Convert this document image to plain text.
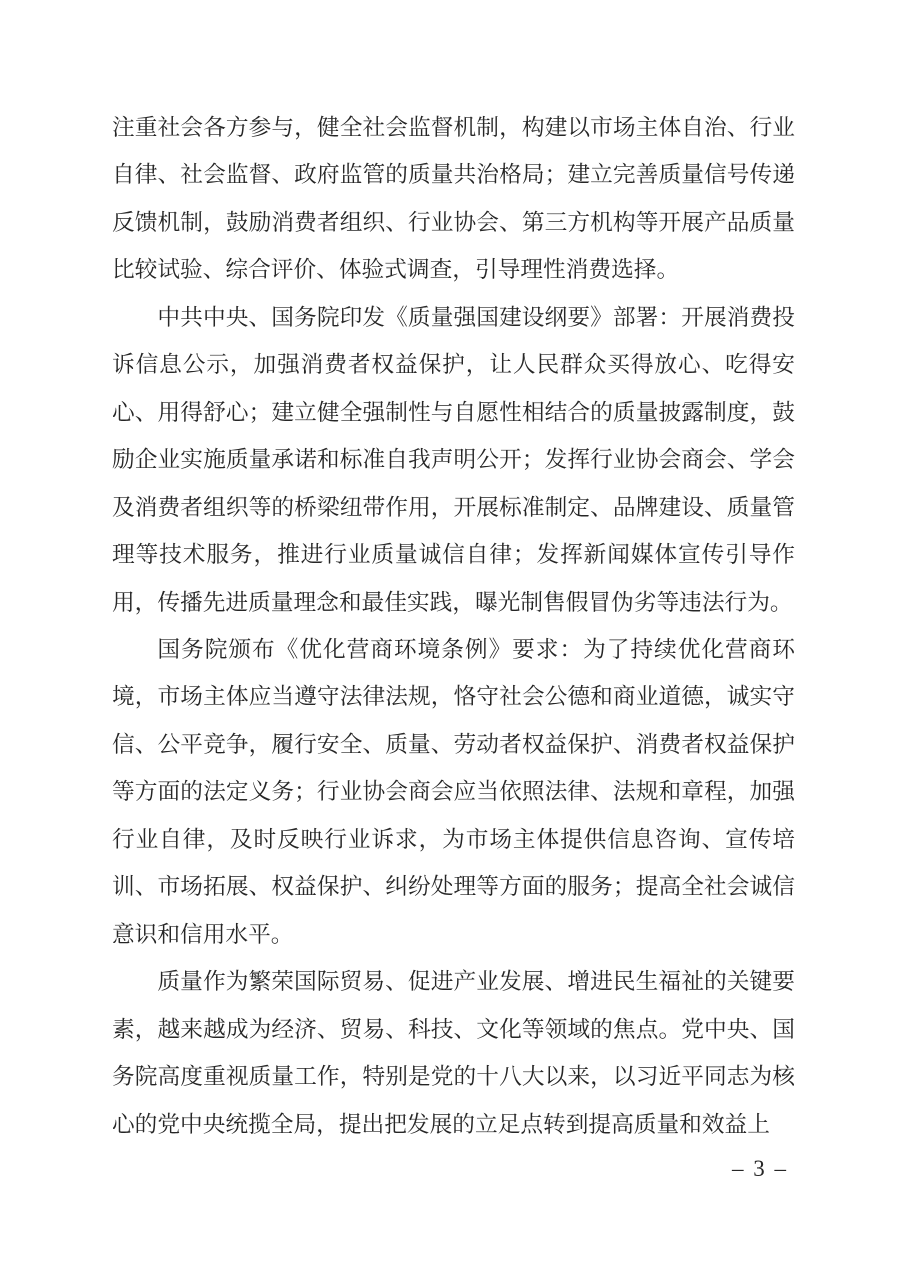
注重社会各方参与，健全社会监督机制，构建以市场主体自治、行业自律、社会监督、政府监管的质量共治格局；建立完善质量信号传递反馈机制，鼓励消费者组织、行业协会、第三方机构等开展产品质量比较试验、综合评价、体验式调查，引导理性消费选择。

中共中央、国务院印发《质量强国建设纲要》部署：开展消费投诉信息公示，加强消费者权益保护，让人民群众买得放心、吃得安心、用得舒心；建立健全强制性与自愿性相结合的质量披露制度，鼓励企业实施质量承诺和标准自我声明公开；发挥行业协会商会、学会及消费者组织等的桥梁纽带作用，开展标准制定、品牌建设、质量管理等技术服务，推进行业质量诚信自律；发挥新闻媒体宣传引导作用，传播先进质量理念和最佳实践，曝光制售假冒伪劣等违法行为。

国务院颁布《优化营商环境条例》要求：为了持续优化营商环境，市场主体应当遵守法律法规，恪守社会公德和商业道德，诚实守信、公平竞争，履行安全、质量、劳动者权益保护、消费者权益保护等方面的法定义务；行业协会商会应当依照法律、法规和章程，加强行业自律，及时反映行业诉求，为市场主体提供信息咨询、宣传培训、市场拓展、权益保护、纠纷处理等方面的服务；提高全社会诚信意识和信用水平。

质量作为繁荣国际贸易、促进产业发展、增进民生福祉的关键要素，越来越成为经济、贸易、科技、文化等领域的焦点。党中央、国务院高度重视质量工作，特别是党的十八大以来，以习近平同志为核心的党中央统揽全局，提出把发展的立足点转到提高质量和效益上

– 3 –
